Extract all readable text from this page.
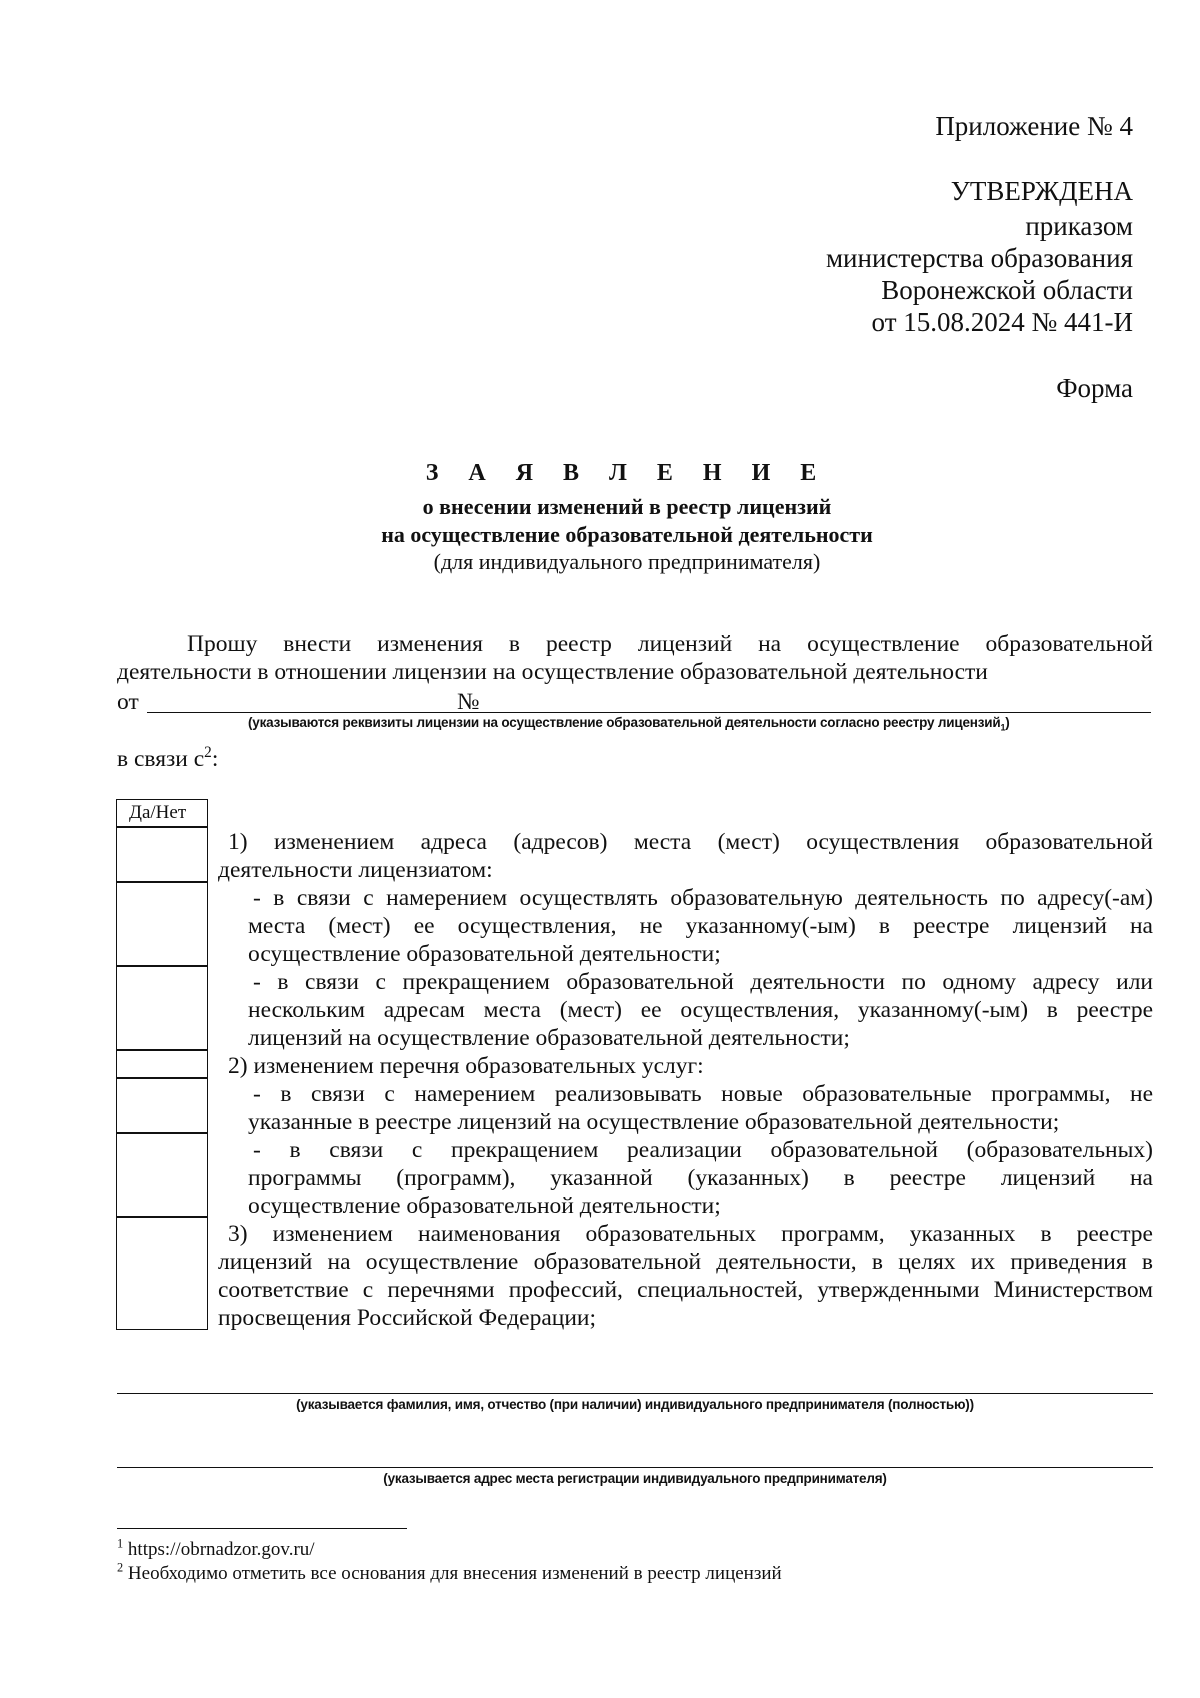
Приложение № 4
УТВЕРЖДЕНА
приказом
министерства образования
Воронежской области
от 15.08.2024 № 441-И
Форма
З А Я В Л Е Н И Е
о внесении изменений в реестр лицензий
на осуществление образовательной деятельности
(для индивидуального предпринимателя)
Прошу внести изменения в реестр лицензий на осуществление образовательной
деятельности в отношении лицензии на осуществление образовательной деятельности
от	№
(указываются реквизиты лицензии на осуществление образовательной деятельности согласно реестру лицензий$_1$)
в связи $с^2$:
Да/Нет
1) изменением адреса (адресов) места (мест) осуществления образовательной
деятельности лицензиатом:
- в связи с намерением осуществлять образовательную деятельность по адресу(-ам)
места (мест) ее осуществления, не указанному(-ым) в реестре лицензий на
осуществление образовательной деятельности;
- в связи с прекращением образовательной деятельности по одному адресу или
нескольким адресам места (мест) ее осуществления, указанному(-ым) в реестре
лицензий на осуществление образовательной деятельности;
2) изменением перечня образовательных услуг:
- в связи с намерением реализовывать новые образовательные программы, не
указанные в реестре лицензий на осуществление образовательной деятельности;
- в связи с прекращением реализации образовательной (образовательных)
программы (программ), указанной (указанных) в реестре лицензий на
осуществление образовательной деятельности;
3) изменением наименования образовательных программ, указанных в реестре
лицензий на осуществление образовательной деятельности, в целях их приведения в
соответствие с перечнями профессий, специальностей, утвержденными Министерством
просвещения Российской Федерации;
(указывается фамилия, имя, отчество (при наличии) индивидуального предпринимателя (полностью))
(указывается адрес места регистрации индивидуального предпринимателя)
$^1$ https://obrnadzor.gov.ru/
$^2$ Необходимо отметить все основания для внесения изменений в реестр лицензий
